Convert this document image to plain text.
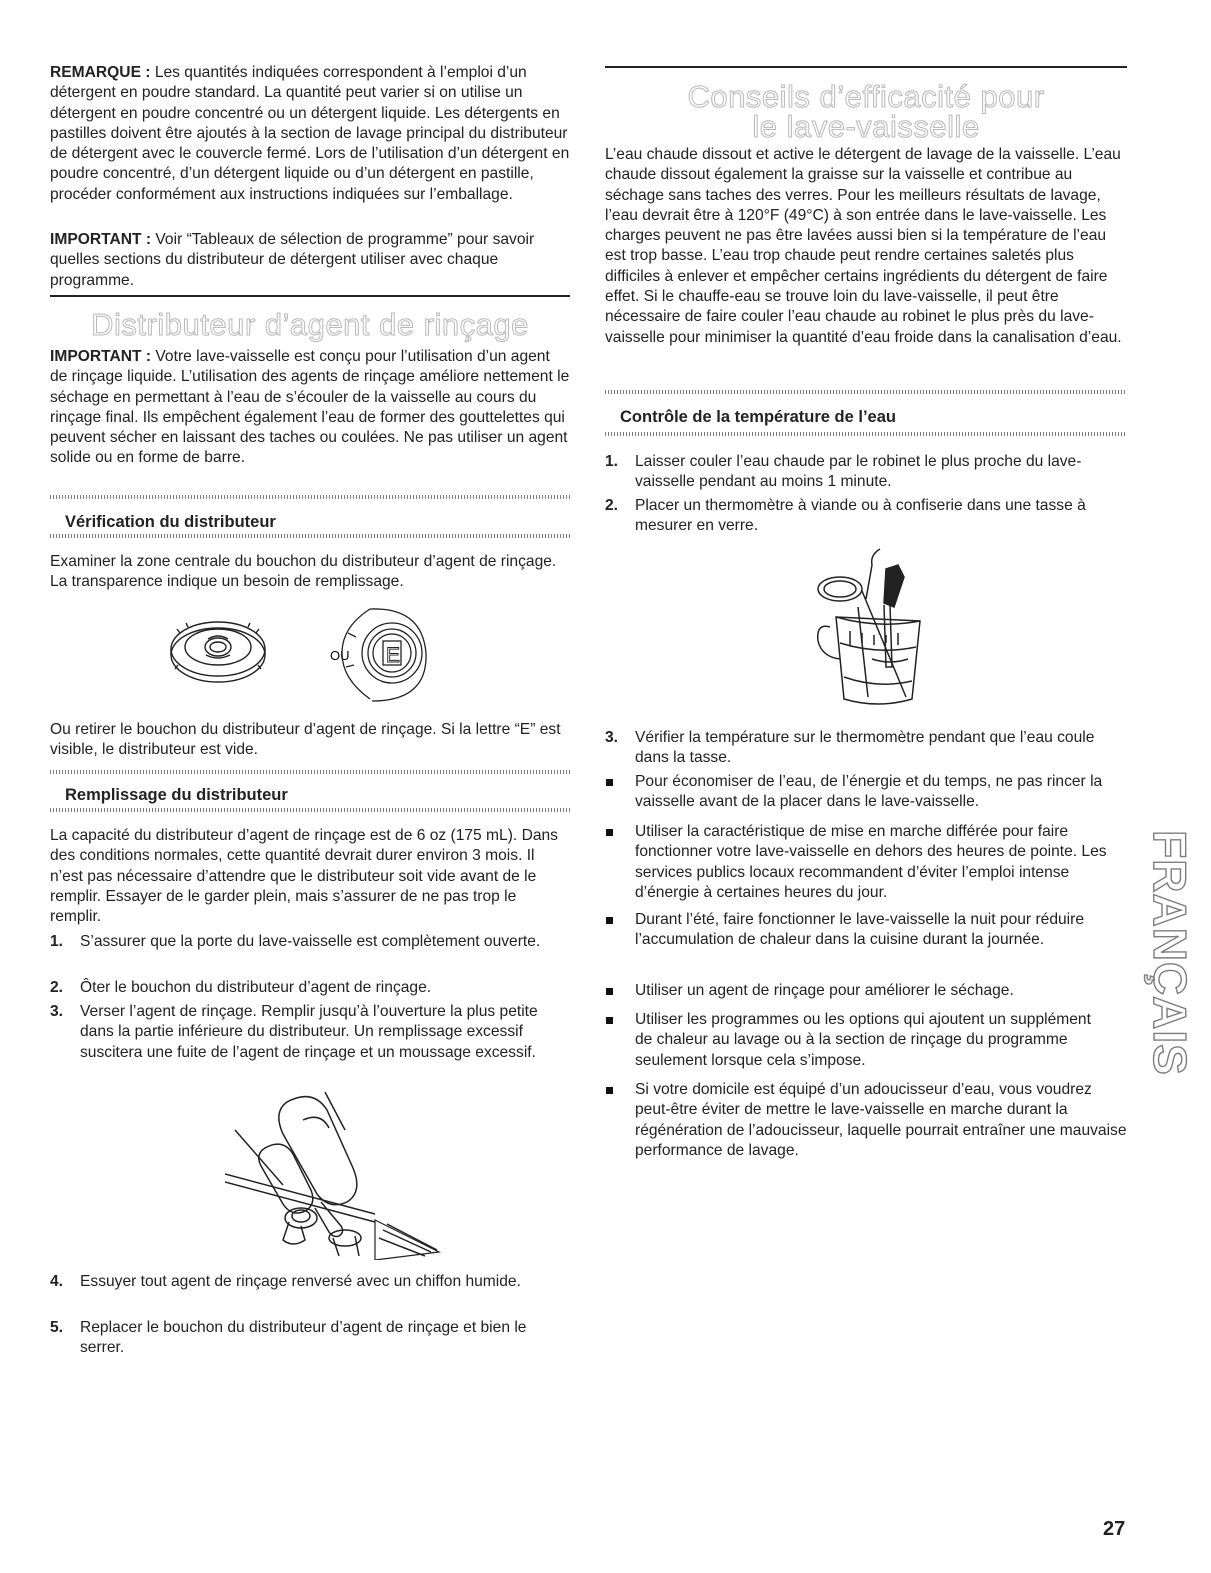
REMARQUE : Les quantités indiquées correspondent à l’emploi d’un détergent en poudre standard. La quantité peut varier si on utilise un détergent en poudre concentré ou un détergent liquide. Les détergents en pastilles doivent être ajoutés à la section de lavage principal du distributeur de détergent avec le couvercle fermé. Lors de l’utilisation d’un détergent en poudre concentré, d’un détergent liquide ou d’un détergent en pastille, procéder conformément aux instructions indiquées sur l’emballage.

IMPORTANT : Voir “Tableaux de sélection de programme” pour savoir quelles sections du distributeur de détergent utiliser avec chaque programme.

Distributeur d’agent de rinçage

IMPORTANT : Votre lave-vaisselle est conçu pour l’utilisation d’un agent de rinçage liquide. L’utilisation des agents de rinçage améliore nettement le séchage en permettant à l’eau de s’écouler de la vaisselle au cours du rinçage final. Ils empêchent également l’eau de former des gouttelettes qui peuvent sécher en laissant des taches ou coulées. Ne pas utiliser un agent solide ou en forme de barre.

Vérification du distributeur

Examiner la zone centrale du bouchon du distributeur d’agent de rinçage. La transparence indique un besoin de remplissage.

OU E

Ou retirer le bouchon du distributeur d’agent de rinçage. Si la lettre “E” est visible, le distributeur est vide.

Remplissage du distributeur

La capacité du distributeur d’agent de rinçage est de 6 oz (175 mL). Dans des conditions normales, cette quantité devrait durer environ 3 mois. Il n’est pas nécessaire d’attendre que le distributeur soit vide avant de le remplir. Essayer de le garder plein, mais s’assurer de ne pas trop le remplir.

1. S’assurer que la porte du lave-vaisselle est complètement ouverte.

2. Ôter le bouchon du distributeur d’agent de rinçage.

3. Verser l’agent de rinçage. Remplir jusqu’à l’ouverture la plus petite dans la partie inférieure du distributeur. Un remplissage excessif suscitera une fuite de l’agent de rinçage et un moussage excessif.

4. Essuyer tout agent de rinçage renversé avec un chiffon humide.

5. Replacer le bouchon du distributeur d’agent de rinçage et bien le serrer.

Conseils d’efficacité pour
le lave-vaisselle

L’eau chaude dissout et active le détergent de lavage de la vaisselle. L’eau chaude dissout également la graisse sur la vaisselle et contribue au séchage sans taches des verres. Pour les meilleurs résultats de lavage, l’eau devrait être à 120°F (49°C) à son entrée dans le lave-vaisselle. Les charges peuvent ne pas être lavées aussi bien si la température de l’eau est trop basse. L’eau trop chaude peut rendre certaines saletés plus difficiles à enlever et empêcher certains ingrédients du détergent de faire effet. Si le chauffe-eau se trouve loin du lave-vaisselle, il peut être nécessaire de faire couler l’eau chaude au robinet le plus près du lave-vaisselle pour minimiser la quantité d’eau froide dans la canalisation d’eau.

Contrôle de la température de l’eau
1. Laisser couler l’eau chaude par le robinet le plus proche du lave-vaisselle pendant au moins 1 minute.

2. Placer un thermomètre à viande ou à confiserie dans une tasse à mesurer en verre.

3. Vérifier la température sur le thermomètre pendant que l’eau coule dans la tasse.

Pour économiser de l’eau, de l’énergie et du temps, ne pas rincer la vaisselle avant de la placer dans le lave-vaisselle.

Utiliser la caractéristique de mise en marche différée pour faire fonctionner votre lave-vaisselle en dehors des heures de pointe. Les services publics locaux recommandent d’éviter l’emploi intense d’énergie à certaines heures du jour.

Durant l’été, faire fonctionner le lave-vaisselle la nuit pour réduire l’accumulation de chaleur dans la cuisine durant la journée.

Utiliser un agent de rinçage pour améliorer le séchage.

Utiliser les programmes ou les options qui ajoutent un supplément de chaleur au lavage ou à la section de rinçage du programme seulement lorsque cela s’impose.

Si votre domicile est équipé d’un adoucisseur d’eau, vous voudrez peut-être éviter de mettre le lave-vaisselle en marche durant la régénération de l’adoucisseur, laquelle pourrait entraîner une mauvaise performance de lavage.

FRANÇAIS
27
